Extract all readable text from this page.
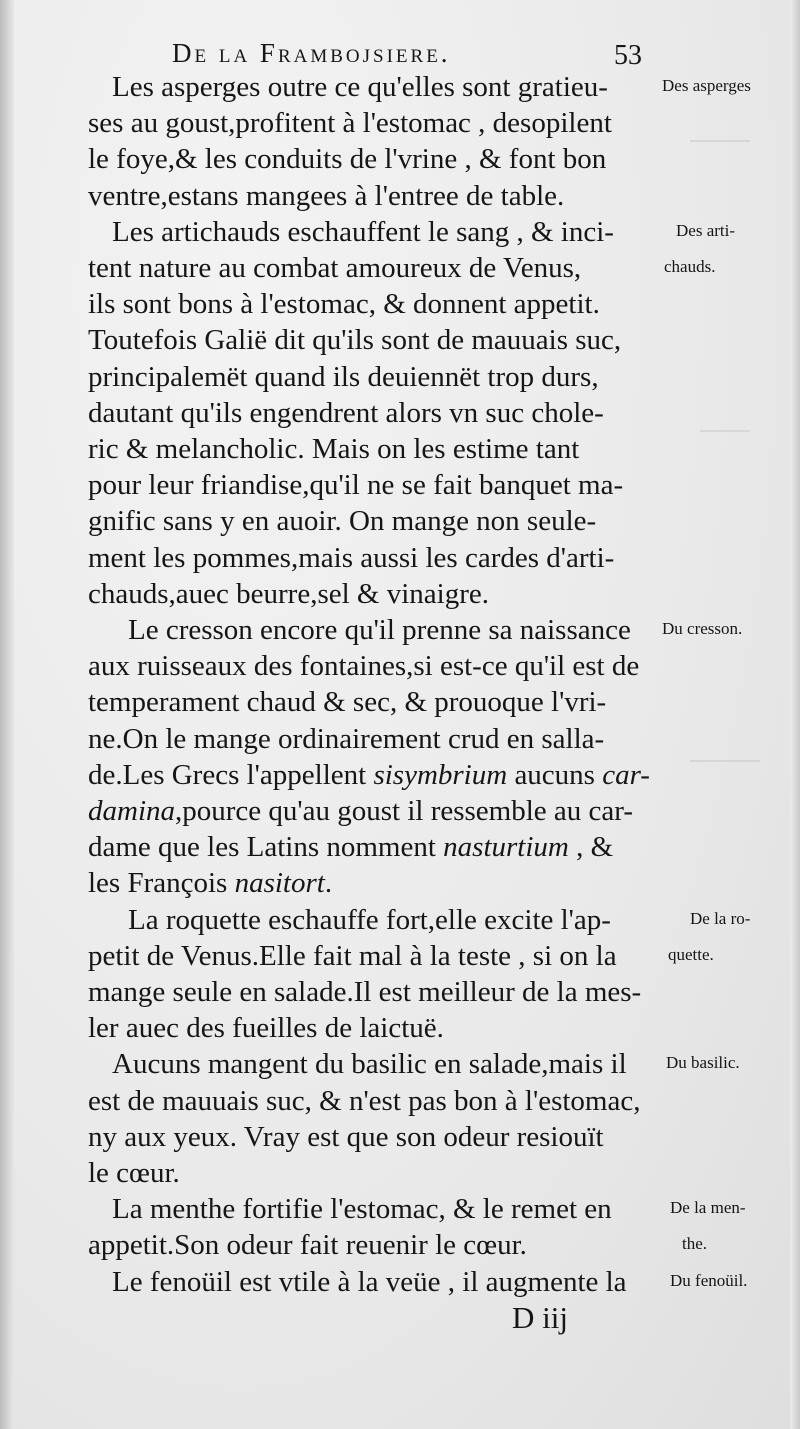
De la Frambojsiere.	53
Les asperges outre ce qu'elles sont gratieu-
ses au goust,profitent à l'estomac , desopilent
le foye,& les conduits de l'vrine , & font bon
ventre,estans mangees à l'entree de table.
Les artichauds eschauffent le sang , & inci-
tent nature au combat amoureux de Venus,
ils sont bons à l'estomac, & donnent appetit.
Toutefois Galië dit qu'ils sont de mauuais suc,
principalemët quand ils deuiennët trop durs,
dautant qu'ils engendrent alors vn suc chole-
ric & melancholic. Mais on les estime tant
pour leur friandise,qu'il ne se fait banquet ma-
gnific sans y en auoir. On mange non seule-
ment les pommes,mais aussi les cardes d'arti-
chauds,auec beurre,sel & vinaigre.
Le cresson encore qu'il prenne sa naissance
aux ruisseaux des fontaines,si est-ce qu'il est de
temperament chaud & sec, & prouoque l'vri-
ne.On le mange ordinairement crud en salla-
de.Les Grecs l'appellent sisymbrium aucuns car-
damina,pource qu'au goust il ressemble au car-
dame que les Latins nomment nasturtium , &
les François nasitort.
La roquette eschauffe fort,elle excite l'ap-
petit de Venus.Elle fait mal à la teste , si on la
mange seule en salade.Il est meilleur de la mes-
ler auec des fueilles de laictuë.
Aucuns mangent du basilic en salade,mais il
est de mauuais suc, & n'est pas bon à l'estomac,
ny aux yeux. Vray est que son odeur resiouït
le cœur.
La menthe fortifie l'estomac, & le remet en
appetit.Son odeur fait reuenir le cœur.
Le fenoüil est vtile à la veüe , il augmente la
Des asperges
Des arti-
chauds.
Du cresson.
De la ro-
quette.
Du basilic.
De la men-
the.
Du fenoüil.
D iij
